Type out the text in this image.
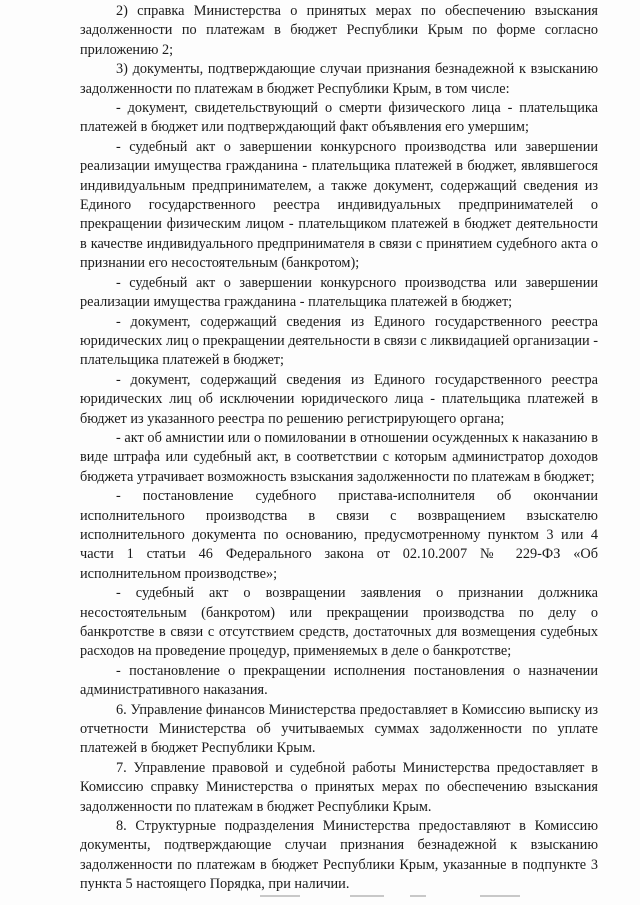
2) справка Министерства о принятых мерах по обеспечению взыскания задолженности по платежам в бюджет Республики Крым по форме согласно приложению 2;

3) документы, подтверждающие случаи признания безнадежной к взысканию задолженности по платежам в бюджет Республики Крым, в том числе:

- документ, свидетельствующий о смерти физического лица - плательщика платежей в бюджет или подтверждающий факт объявления его умершим;

- судебный акт о завершении конкурсного производства или завершении реализации имущества гражданина - плательщика платежей в бюджет, являвшегося индивидуальным предпринимателем, а также документ, содержащий сведения из Единого государственного реестра индивидуальных предпринимателей о прекращении физическим лицом - плательщиком платежей в бюджет деятельности в качестве индивидуального предпринимателя в связи с принятием судебного акта о признании его несостоятельным (банкротом);

- судебный акт о завершении конкурсного производства или завершении реализации имущества гражданина - плательщика платежей в бюджет;

- документ, содержащий сведения из Единого государственного реестра юридических лиц о прекращении деятельности в связи с ликвидацией организации - плательщика платежей в бюджет;

- документ, содержащий сведения из Единого государственного реестра юридических лиц об исключении юридического лица - плательщика платежей в бюджет из указанного реестра по решению регистрирующего органа;

- акт об амнистии или о помиловании в отношении осужденных к наказанию в виде штрафа или судебный акт, в соответствии с которым администратор доходов бюджета утрачивает возможность взыскания задолженности по платежам в бюджет;

- постановление судебного пристава-исполнителя об окончании исполнительного производства в связи с возвращением взыскателю исполнительного документа по основанию, предусмотренному пунктом 3 или 4 части 1 статьи 46 Федерального закона от 02.10.2007 № 229-ФЗ «Об исполнительном производстве»;

- судебный акт о возвращении заявления о признании должника несостоятельным (банкротом) или прекращении производства по делу о банкротстве в связи с отсутствием средств, достаточных для возмещения судебных расходов на проведение процедур, применяемых в деле о банкротстве;

- постановление о прекращении исполнения постановления о назначении административного наказания.

6. Управление финансов Министерства предоставляет в Комиссию выписку из отчетности Министерства об учитываемых суммах задолженности по уплате платежей в бюджет Республики Крым.

7. Управление правовой и судебной работы Министерства предоставляет в Комиссию справку Министерства о принятых мерах по обеспечению взыскания задолженности по платежам в бюджет Республики Крым.

8. Структурные подразделения Министерства предоставляют в Комиссию документы, подтверждающие случаи признания безнадежной к взысканию задолженности по платежам в бюджет Республики Крым, указанные в подпункте 3 пункта 5 настоящего Порядка, при наличии.
